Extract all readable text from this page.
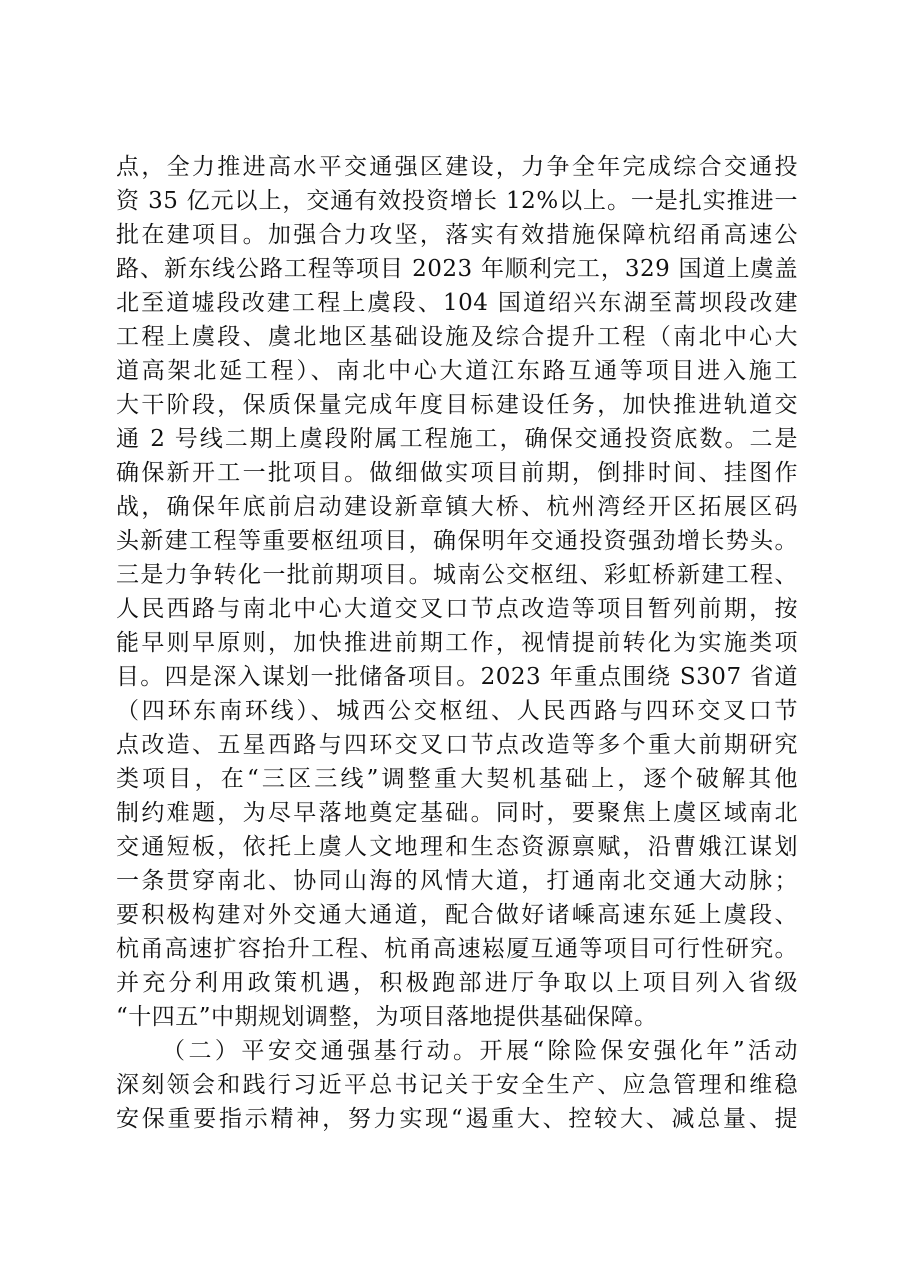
点，全力推进高水平交通强区建设，力争全年完成综合交通投
资 35 亿元以上，交通有效投资增长 12%以上。一是扎实推进一
批在建项目。加强合力攻坚，落实有效措施保障杭绍甬高速公
路、新东线公路工程等项目 2023 年顺利完工，329 国道上虞盖
北至道墟段改建工程上虞段、104 国道绍兴东湖至蒿坝段改建
工程上虞段、虞北地区基础设施及综合提升工程（南北中心大
道高架北延工程）、南北中心大道江东路互通等项目进入施工
大干阶段，保质保量完成年度目标建设任务，加快推进轨道交
通 2 号线二期上虞段附属工程施工，确保交通投资底数。二是
确保新开工一批项目。做细做实项目前期，倒排时间、挂图作
战，确保年底前启动建设新章镇大桥、杭州湾经开区拓展区码
头新建工程等重要枢纽项目，确保明年交通投资强劲增长势头。
三是力争转化一批前期项目。城南公交枢纽、彩虹桥新建工程、
人民西路与南北中心大道交叉口节点改造等项目暂列前期，按
能早则早原则，加快推进前期工作，视情提前转化为实施类项
目。四是深入谋划一批储备项目。2023 年重点围绕 S307 省道
（四环东南环线）、城西公交枢纽、人民西路与四环交叉口节
点改造、五星西路与四环交叉口节点改造等多个重大前期研究
类项目，在“三区三线”调整重大契机基础上，逐个破解其他
制约难题，为尽早落地奠定基础。同时，要聚焦上虞区域南北
交通短板，依托上虞人文地理和生态资源禀赋，沿曹娥江谋划
一条贯穿南北、协同山海的风情大道，打通南北交通大动脉；
要积极构建对外交通大通道，配合做好诸嵊高速东延上虞段、
杭甬高速扩容抬升工程、杭甬高速崧厦互通等项目可行性研究。
并充分利用政策机遇，积极跑部进厅争取以上项目列入省级
“十四五”中期规划调整，为项目落地提供基础保障。
（二）平安交通强基行动。开展“除险保安强化年”活动
深刻领会和践行习近平总书记关于安全生产、应急管理和维稳
安保重要指示精神，努力实现“遏重大、控较大、减总量、提
